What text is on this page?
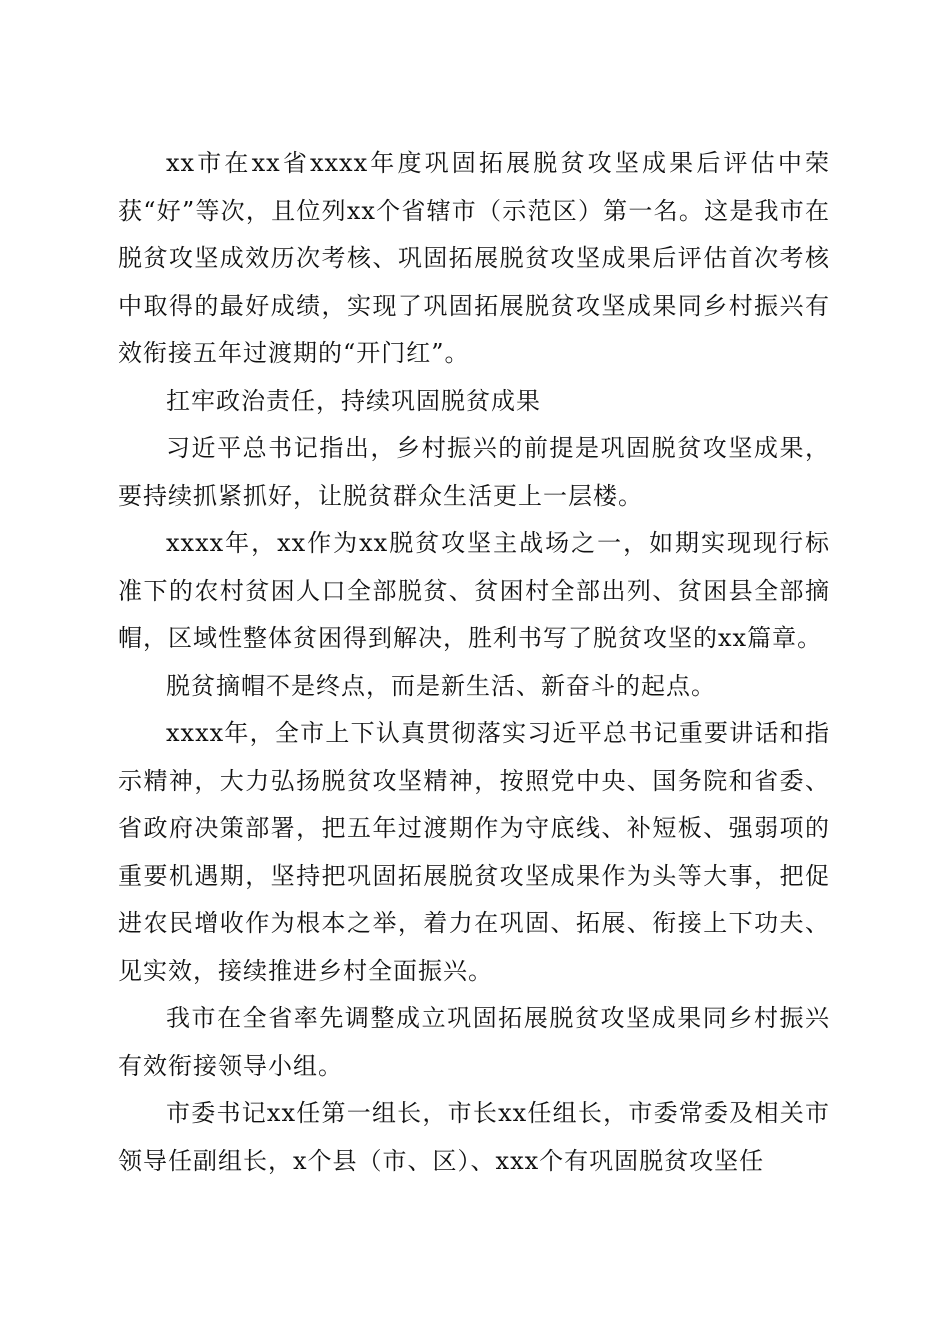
xx市在xx省xxxx年度巩固拓展脱贫攻坚成果后评估中荣获“好”等次，且位列xx个省辖市（示范区）第一名。这是我市在脱贫攻坚成效历次考核、巩固拓展脱贫攻坚成果后评估首次考核中取得的最好成绩，实现了巩固拓展脱贫攻坚成果同乡村振兴有效衔接五年过渡期的“开门红”。

扛牢政治责任，持续巩固脱贫成果

习近平总书记指出，乡村振兴的前提是巩固脱贫攻坚成果，要持续抓紧抓好，让脱贫群众生活更上一层楼。

xxxx年，xx作为xx脱贫攻坚主战场之一，如期实现现行标准下的农村贫困人口全部脱贫、贫困村全部出列、贫困县全部摘帽，区域性整体贫困得到解决，胜利书写了脱贫攻坚的xx篇章。

脱贫摘帽不是终点，而是新生活、新奋斗的起点。

xxxx年，全市上下认真贯彻落实习近平总书记重要讲话和指示精神，大力弘扬脱贫攻坚精神，按照党中央、国务院和省委、省政府决策部署，把五年过渡期作为守底线、补短板、强弱项的重要机遇期，坚持把巩固拓展脱贫攻坚成果作为头等大事，把促进农民增收作为根本之举，着力在巩固、拓展、衔接上下功夫、见实效，接续推进乡村全面振兴。

我市在全省率先调整成立巩固拓展脱贫攻坚成果同乡村振兴有效衔接领导小组。

市委书记xx任第一组长，市长xx任组长，市委常委及相关市领导任副组长，x个县（市、区）、xxx个有巩固脱贫攻坚任
